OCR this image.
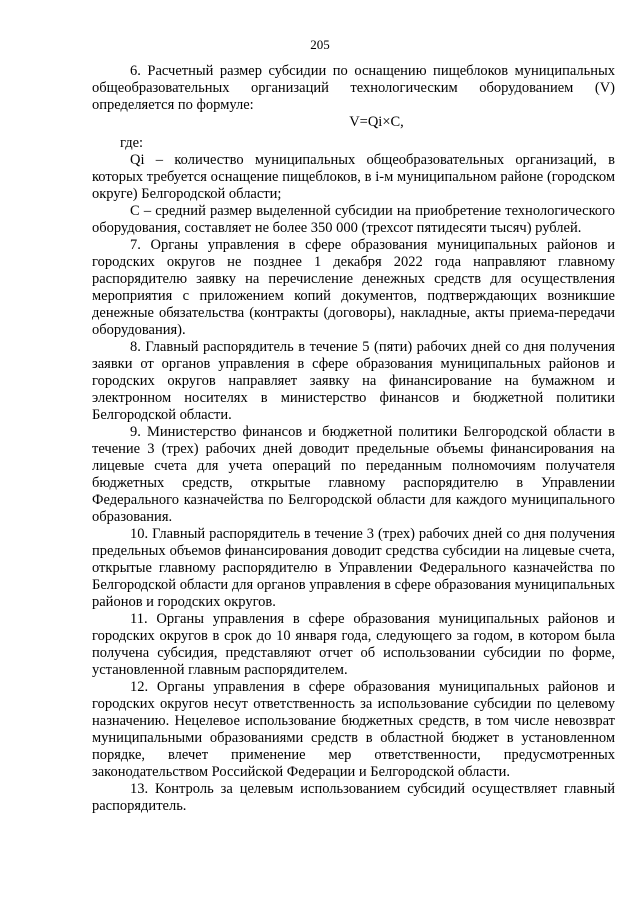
205

6. Расчетный размер субсидии по оснащению пищеблоков муниципальных общеобразовательных организаций технологическим оборудованием (V) определяется по формуле:

V=Qi×C,

где:

Qi – количество муниципальных общеобразовательных организаций, в которых требуется оснащение пищеблоков, в i-м муниципальном районе (городском округе) Белгородской области;

С – средний размер выделенной субсидии на приобретение технологического оборудования, составляет не более 350 000 (трехсот пятидесяти тысяч) рублей.

7. Органы управления в сфере образования муниципальных районов и городских округов не позднее 1 декабря 2022 года направляют главному распорядителю заявку на перечисление денежных средств для осуществления мероприятия с приложением копий документов, подтверждающих возникшие денежные обязательства (контракты (договоры), накладные, акты приема-передачи оборудования).

8. Главный распорядитель в течение 5 (пяти) рабочих дней со дня получения заявки от органов управления в сфере образования муниципальных районов и городских округов направляет заявку на финансирование на бумажном и электронном носителях в министерство финансов и бюджетной политики Белгородской области.

9. Министерство финансов и бюджетной политики Белгородской области в течение 3 (трех) рабочих дней доводит предельные объемы финансирования на лицевые счета для учета операций по переданным полномочиям получателя бюджетных средств, открытые главному распорядителю в Управлении Федерального казначейства по Белгородской области для каждого муниципального образования.

10. Главный распорядитель в течение 3 (трех) рабочих дней со дня получения предельных объемов финансирования доводит средства субсидии на лицевые счета, открытые главному распорядителю в Управлении Федерального казначейства по Белгородской области для органов управления в сфере образования муниципальных районов и городских округов.

11. Органы управления в сфере образования муниципальных районов и городских округов в срок до 10 января года, следующего за годом, в котором была получена субсидия, представляют отчет об использовании субсидии по форме, установленной главным распорядителем.

12. Органы управления в сфере образования муниципальных районов и городских округов несут ответственность за использование субсидии по целевому назначению. Нецелевое использование бюджетных средств, в том числе невозврат муниципальными образованиями средств в областной бюджет в установленном порядке, влечет применение мер ответственности, предусмотренных законодательством Российской Федерации и Белгородской области.

13. Контроль за целевым использованием субсидий осуществляет главный распорядитель.
